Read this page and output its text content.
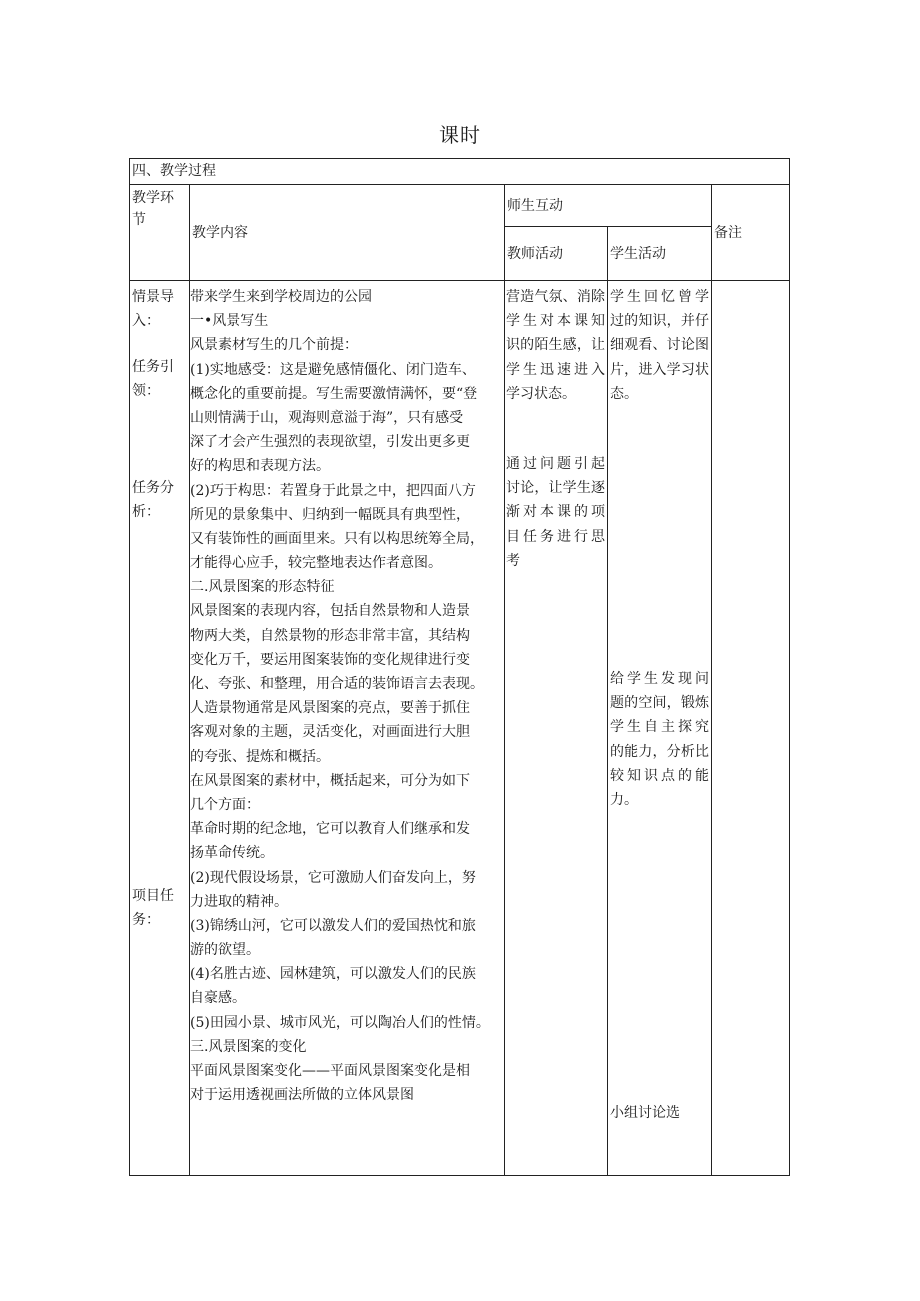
课时
四、教学过程
教学环
节
教学内容
师生互动
教师活动	学生活动
备注
情景导
入：
任务引
领：
任务分
析：
项目任
务：
带来学生来到学校周边的公园
一•风景写生
风景素材写生的几个前提：
(1)实地感受：这是避免感情僵化、闭门造车、
概念化的重要前提。写生需要激情满怀，要“登
山则情满于山，观海则意溢于海”，只有感受
深了才会产生强烈的表现欲望，引发出更多更
好的构思和表现方法。
(2)巧于构思：若置身于此景之中，把四面八方
所见的景象集中、归纳到一幅既具有典型性，
又有装饰性的画面里来。只有以构思统筹全局，
才能得心应手，较完整地表达作者意图。
二.风景图案的形态特征
风景图案的表现内容，包括自然景物和人造景
物两大类，自然景物的形态非常丰富，其结构
变化万千，要运用图案装饰的变化规律进行变
化、夸张、和整理，用合适的装饰语言去表现。
人造景物通常是风景图案的亮点，要善于抓住
客观对象的主题，灵活变化，对画面进行大胆
的夸张、提炼和概括。
在风景图案的素材中，概括起来，可分为如下
几个方面：
革命时期的纪念地，它可以教育人们继承和发
扬革命传统。
(2)现代假设场景，它可激励人们奋发向上，努
力进取的精神。
(3)锦绣山河，它可以激发人们的爱国热忱和旅
游的欲望。
(4)名胜古迹、园林建筑，可以激发人们的民族
自豪感。
(5)田园小景、城市风光，可以陶冶人们的性情。
三.风景图案的变化
平面风景图案变化——平面风景图案变化是相
对于运用透视画法所做的立体风景图
营造气氛、消除
学生对本课知
识的陌生感，让
学生迅速进入
学习状态。
通过问题引起
讨论，让学生逐
渐对本课的项
目任务进行思
考
学生回忆曾学
过的知识，并仔
细观看、讨论图
片，进入学习状
态。
给学生发现问
题的空间，锻炼
学生自主探究
的能力，分析比
较知识点的能
力。
小组讨论选
